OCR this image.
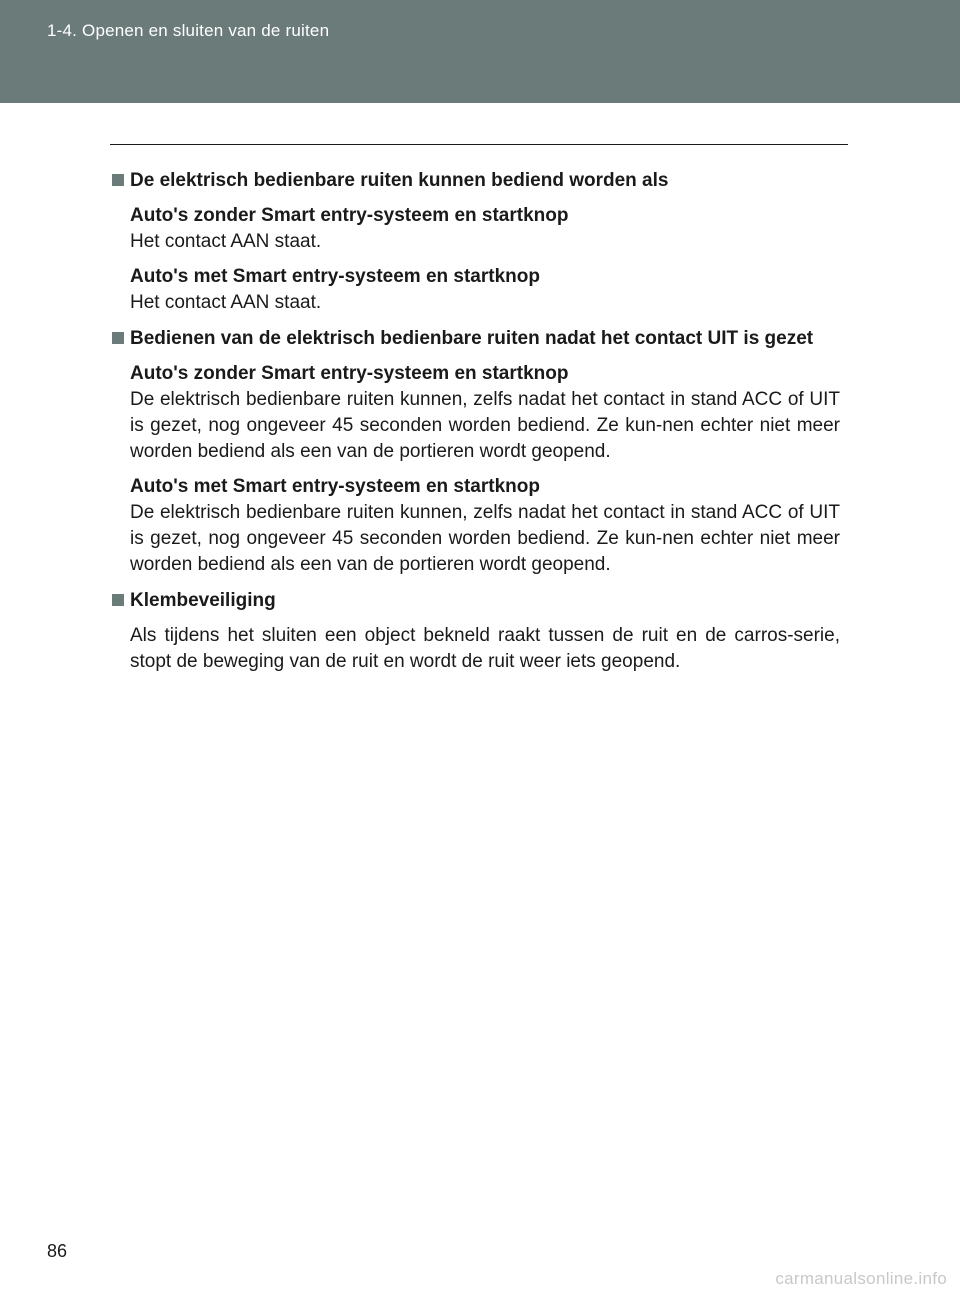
1-4. Openen en sluiten van de ruiten
De elektrisch bedienbare ruiten kunnen bediend worden als
Auto's zonder Smart entry-systeem en startknop
Het contact AAN staat.
Auto's met Smart entry-systeem en startknop
Het contact AAN staat.
Bedienen van de elektrisch bedienbare ruiten nadat het contact UIT is gezet
Auto's zonder Smart entry-systeem en startknop
De elektrisch bedienbare ruiten kunnen, zelfs nadat het contact in stand ACC of UIT is gezet, nog ongeveer 45 seconden worden bediend. Ze kun-nen echter niet meer worden bediend als een van de portieren wordt geopend.
Auto's met Smart entry-systeem en startknop
De elektrisch bedienbare ruiten kunnen, zelfs nadat het contact in stand ACC of UIT is gezet, nog ongeveer 45 seconden worden bediend. Ze kun-nen echter niet meer worden bediend als een van de portieren wordt geopend.
Klembeveiliging
Als tijdens het sluiten een object bekneld raakt tussen de ruit en de carros-serie, stopt de beweging van de ruit en wordt de ruit weer iets geopend.
86
carmanualsonline.info
